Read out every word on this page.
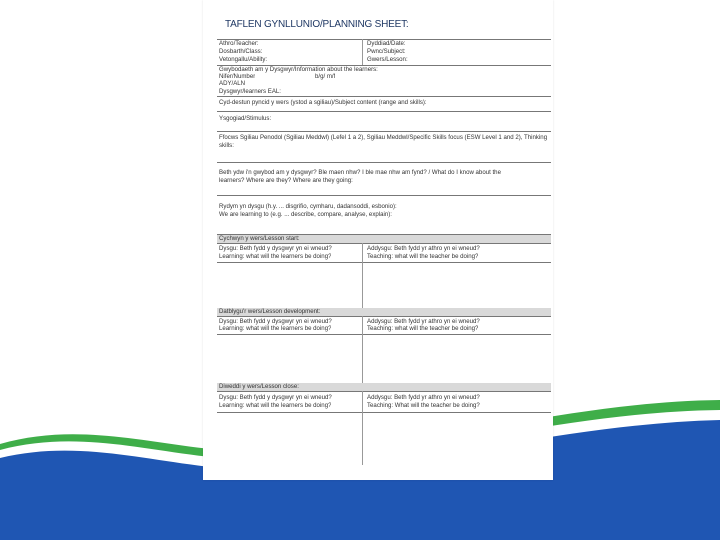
TAFLEN GYNLLUNIO/PLANNING SHEET:
Athro/Teacher:	Dyddiad/Date:
Dosbarth/Class:	Pwnc/Subject:
Vetongallu/Ability:	Gwers/Lesson:
Gwybodaeth am y Dysgwyr/Information about the learners:
Nifer/Number	b/g/ m/f
ADY/ALN
Dysgwyr/learners EAL:
Cyd-destun pyncid y wers (ystod a sgiliau)/Subject content (range and skills):
Ysgogiad/Stimulus:
Ffocws Sgiliau Penodol (Sgiliau Meddwl) (Lefel 1 a 2), Sgiliau Meddwl/Specific Skills focus (ESW Level 1 and 2), Thinking skills:
Beth ydw i'n gwybod am y dysgwyr? Ble maen nhw? I ble mae nhw am fynd? / What do I know about the
learners? Where are they? Where are they going:
Rydym yn dysgu (h.y. ... disgrifio, cymharu, dadansoddi, esbonio):
We are learning to (e.g. ... describe, compare, analyse, explain):
Cychwyn y wers/Lesson start:
Dysgu: Beth fydd y dysgwyr yn ei wneud?
Learning: what will the learners be doing?
Addysgu: Beth fydd yr athro yn ei wneud?
Teaching: what will the teacher be doing?
Datblygu'r wers/Lesson development:
Dysgu: Beth fydd y dysgwyr yn ei wneud?
Learning: what will the learners be doing?
Addysgu: Beth fydd yr athro yn ei wneud?
Teaching: what will the teacher be doing?
Diweddi y wers/Lesson close:
Dysgu: Beth fydd y dysgwyr yn ei wneud?
Learning: what will the learners be doing?
Addysgu: Beth fydd yr athro yn ei wneud?
Teaching: What will the teacher be doing?
